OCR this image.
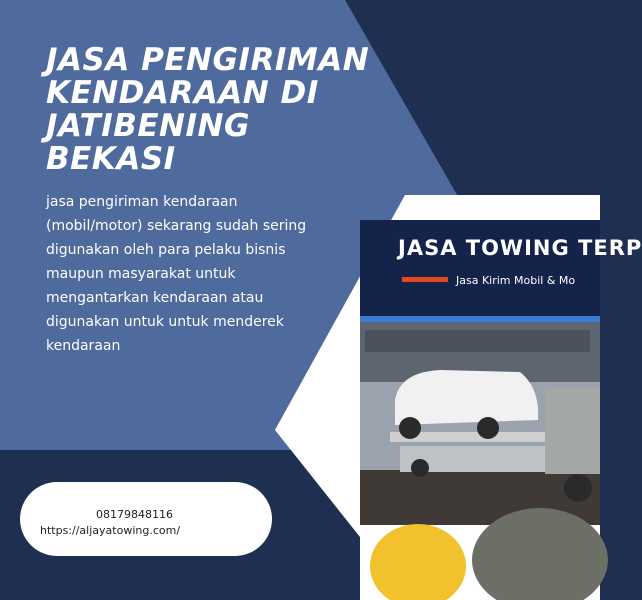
JASA TOWING TERP
Jasa Kirim Mobil & Mo
JASA PENGIRIMAN
KENDARAAN DI
JATIBENING
BEKASI
jasa pengiriman kendaraan
(mobil/motor) sekarang sudah sering
digunakan oleh para pelaku bisnis
maupun masyarakat untuk
mengantarkan kendaraan atau
digunakan untuk untuk menderek
kendaraan
08179848116
https://aljayatowing.com/
